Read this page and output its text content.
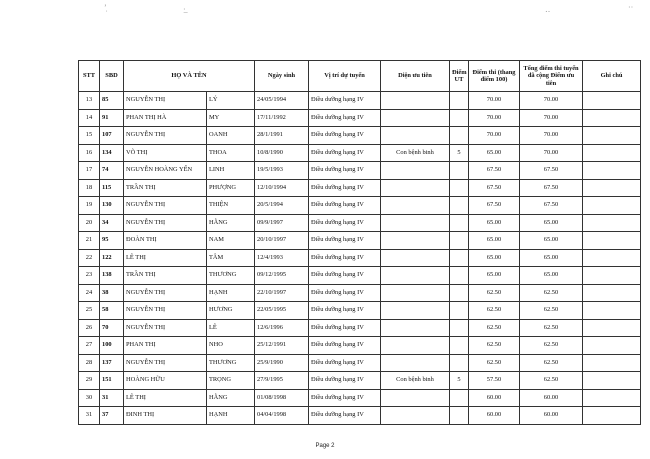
ʼ̣	·̲	‥	··
STT	SBD	HỌ VÀ TÊN		Ngày sinh	Vị trí dự tuyển	Diện ưu tiên	Điểm UT	Điểm thi (thang điểm 100)	Tổng điểm thi tuyển đã cộng Điểm ưu tiên	Ghi chú
13	85	NGUYỄN THỊ	LÝ	24/05/1994	Điều dưỡng hạng IV			70.00	70.00	
14	91	PHAN THỊ HÀ	MY	17/11/1992	Điều dưỡng hạng IV			70.00	70.00	
15	107	NGUYỄN THỊ	OANH	28/1/1991	Điều dưỡng hạng IV			70.00	70.00	
16	134	VÕ THỊ	THOA	10/8/1990	Điều dưỡng hạng IV	Con bệnh binh	5	65.00	70.00	
17	74	NGUYỄN HOÀNG YẾN	LINH	19/5/1993	Điều dưỡng hạng IV			67.50	67.50	
18	115	TRẦN THỊ	PHƯỢNG	12/10/1994	Điều dưỡng hạng IV			67.50	67.50	
19	130	NGUYỄN THỊ	THIỆN	20/5/1994	Điều dưỡng hạng IV			67.50	67.50	
20	34	NGUYỄN THỊ	HẰNG	09/9/1997	Điều dưỡng hạng IV			65.00	65.00	
21	95	ĐOÀN THỊ	NAM	20/10/1997	Điều dưỡng hạng IV			65.00	65.00	
22	122	LÊ THỊ	TÂM	12/4/1993	Điều dưỡng hạng IV			65.00	65.00	
23	138	TRẦN THỊ	THƯƠNG	09/12/1995	Điều dưỡng hạng IV			65.00	65.00	
24	38	NGUYỄN THỊ	HẠNH	22/10/1997	Điều dưỡng hạng IV			62.50	62.50	
25	58	NGUYỄN THỊ	HƯƠNG	22/05/1995	Điều dưỡng hạng IV			62.50	62.50	
26	70	NGUYỄN THỊ	LÊ	12/6/1996	Điều dưỡng hạng IV			62.50	62.50	
27	100	PHAN THỊ	NHO	25/12/1991	Điều dưỡng hạng IV			62.50	62.50	
28	137	NGUYỄN THỊ	THƯƠNG	25/9/1990	Điều dưỡng hạng IV			62.50	62.50	
29	151	HOÀNG HỮU	TRỌNG	27/9/1995	Điều dưỡng hạng IV	Con bệnh binh	5	57.50	62.50	
30	31	LÊ THỊ	HẰNG	01/08/1998	Điều dưỡng hạng IV			60.00	60.00	
31	37	ĐINH THỊ	HẠNH	04/04/1998	Điều dưỡng hạng IV			60.00	60.00	
Page 2
